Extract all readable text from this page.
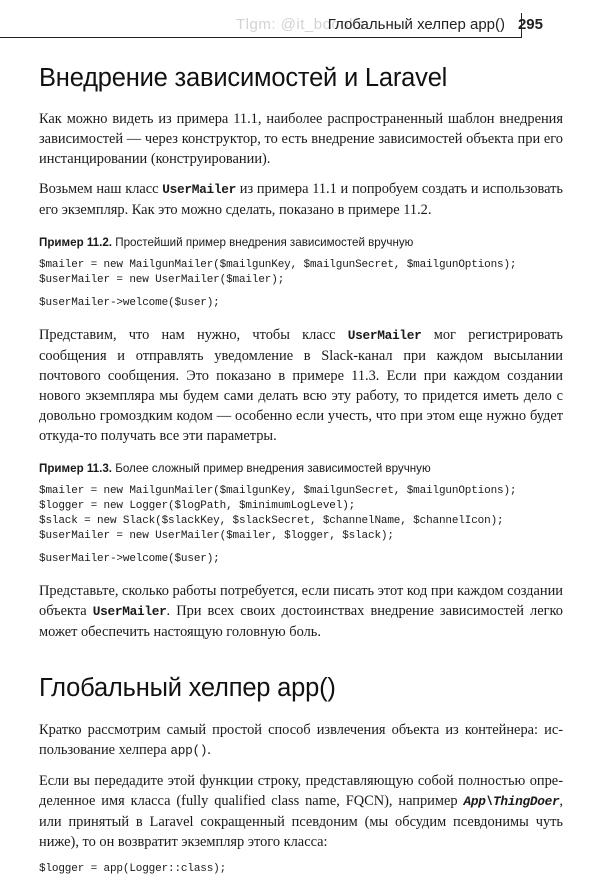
Tlgm: @it_boooks
Глобальный хелпер app() 295
Внедрение зависимостей и Laravel

Как можно видеть из примера 11.1, наиболее распространенный шаблон внедрения зависимостей — через конструктор, то есть внедрение зависимостей объекта при его инстанцировании (конструировании).

Возьмем наш класс UserMailer из примера 11.1 и попробуем создать и использовать его экземпляр. Как это можно сделать, показано в примере 11.2.

Пример 11.2. Простейший пример внедрения зависимостей вручную
$mailer = new MailgunMailer($mailgunKey, $mailgunSecret, $mailgunOptions);
$userMailer = new UserMailer($mailer);
$userMailer->welcome($user);

Представим, что нам нужно, чтобы класс UserMailer мог регистрировать сообщения и отправлять уведомление в Slack-канал при каждом высылании почтового сообщения. Это показано в примере 11.3. Если при каждом создании нового экземпляра мы будем сами делать всю эту работу, то придется иметь дело с довольно громоздким кодом — особенно если учесть, что при этом еще нужно будет откуда-то получать все эти параметры.

Пример 11.3. Более сложный пример внедрения зависимостей вручную
$mailer = new MailgunMailer($mailgunKey, $mailgunSecret, $mailgunOptions);
$logger = new Logger($logPath, $minimumLogLevel);
$slack = new Slack($slackKey, $slackSecret, $channelName, $channelIcon);
$userMailer = new UserMailer($mailer, $logger, $slack);
$userMailer->welcome($user);

Представьте, сколько работы потребуется, если писать этот код при каждом создании объекта UserMailer. При всех своих достоинствах внедрение зависимостей легко может обеспечить настоящую головную боль.

Глобальный хелпер app()

Кратко рассмотрим самый простой способ извлечения объекта из контейнера: использование хелпера app().

Если вы передадите этой функции строку, представляющую собой полностью определенное имя класса (fully qualified class name, FQCN), например App\ThingDoer, или принятый в Laravel сокращенный псевдоним (мы обсудим псевдонимы чуть ниже), то он возвратит экземпляр этого класса:

$logger = app(Logger::class);
